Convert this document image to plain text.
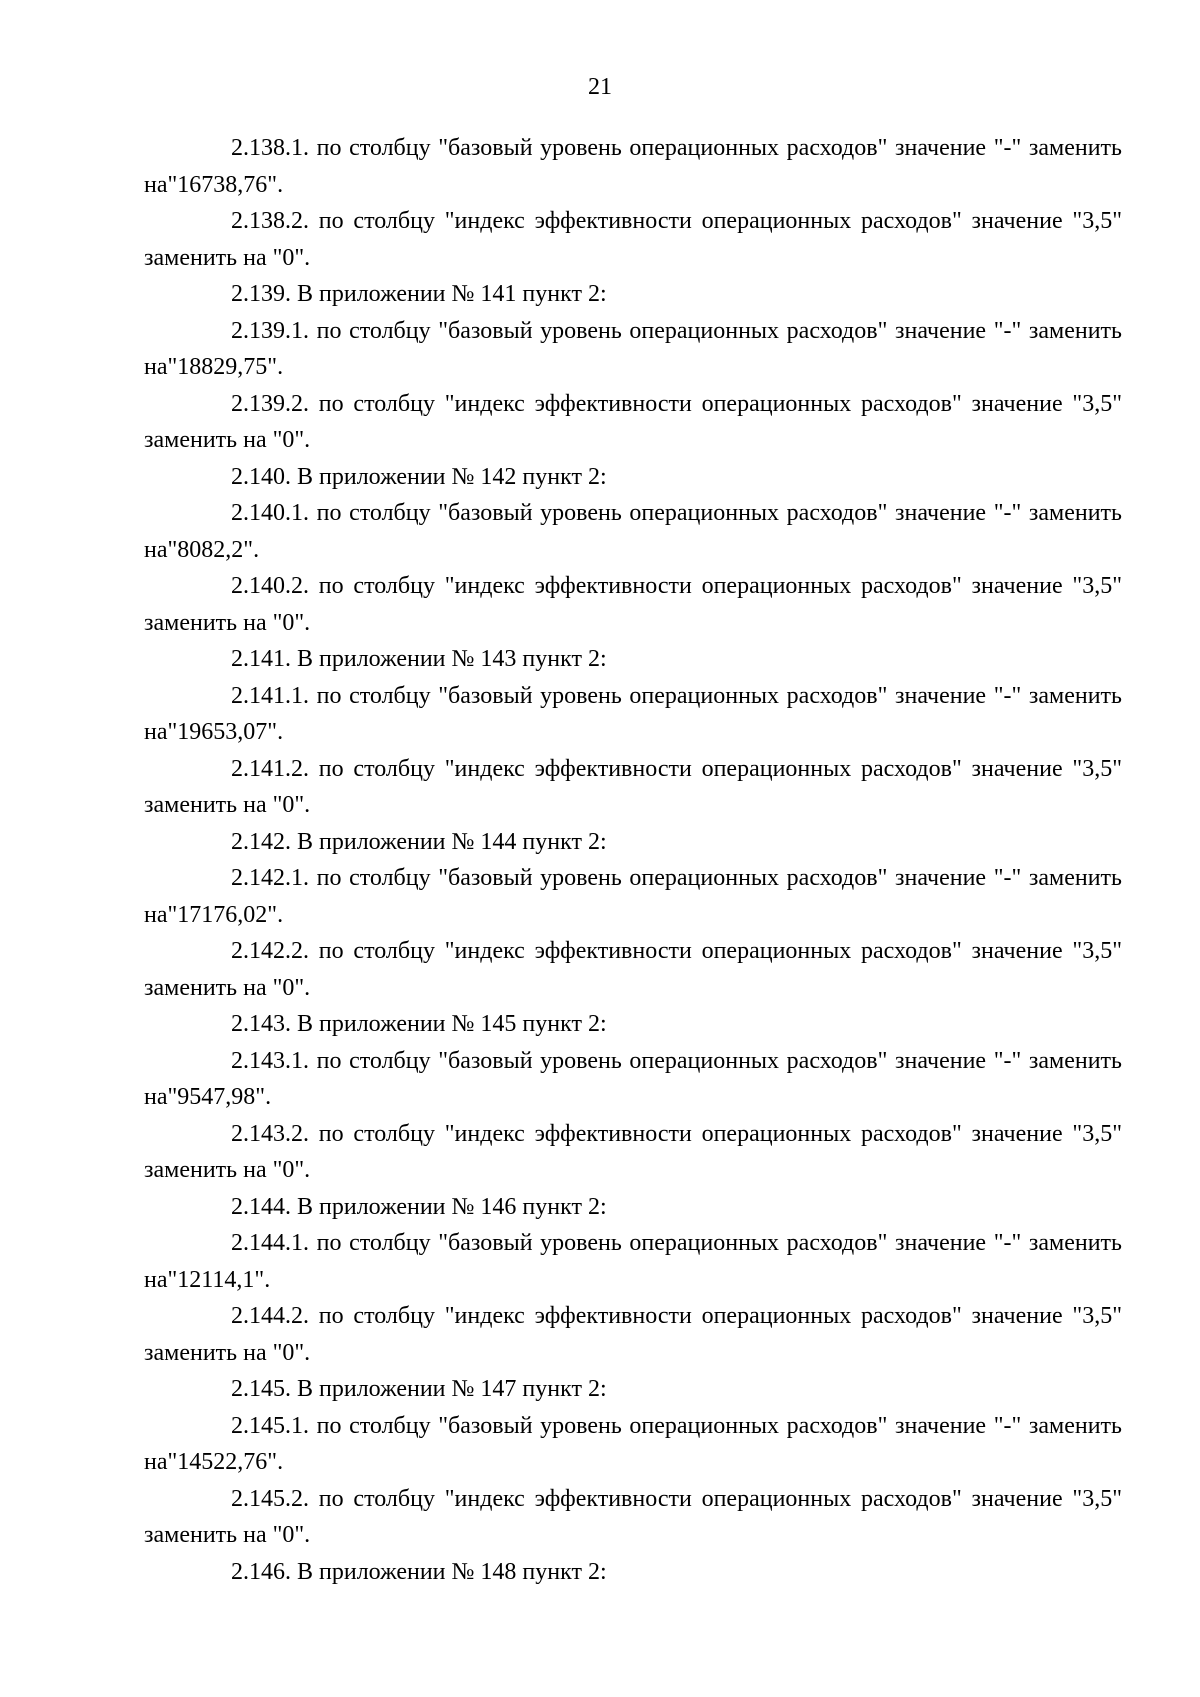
21

2.138.1. по столбцу "базовый уровень операционных расходов" значение "-" заменить на"16738,76".

2.138.2. по столбцу "индекс эффективности операционных расходов" значение "3,5" заменить на "0".

2.139. В приложении № 141 пункт 2:

2.139.1. по столбцу "базовый уровень операционных расходов" значение "-" заменить на"18829,75".

2.139.2. по столбцу "индекс эффективности операционных расходов" значение "3,5" заменить на "0".

2.140. В приложении № 142 пункт 2:

2.140.1. по столбцу "базовый уровень операционных расходов" значение "-" заменить на"8082,2".

2.140.2. по столбцу "индекс эффективности операционных расходов" значение "3,5" заменить на "0".

2.141. В приложении № 143 пункт 2:

2.141.1. по столбцу "базовый уровень операционных расходов" значение "-" заменить на"19653,07".

2.141.2. по столбцу "индекс эффективности операционных расходов" значение "3,5" заменить на "0".

2.142. В приложении № 144 пункт 2:

2.142.1. по столбцу "базовый уровень операционных расходов" значение "-" заменить на"17176,02".

2.142.2. по столбцу "индекс эффективности операционных расходов" значение "3,5" заменить на "0".

2.143. В приложении № 145 пункт 2:

2.143.1. по столбцу "базовый уровень операционных расходов" значение "-" заменить на"9547,98".

2.143.2. по столбцу "индекс эффективности операционных расходов" значение "3,5" заменить на "0".

2.144. В приложении № 146 пункт 2:

2.144.1. по столбцу "базовый уровень операционных расходов" значение "-" заменить на"12114,1".

2.144.2. по столбцу "индекс эффективности операционных расходов" значение "3,5" заменить на "0".

2.145. В приложении № 147 пункт 2:

2.145.1. по столбцу "базовый уровень операционных расходов" значение "-" заменить на"14522,76".

2.145.2. по столбцу "индекс эффективности операционных расходов" значение "3,5" заменить на "0".

2.146. В приложении № 148 пункт 2:
